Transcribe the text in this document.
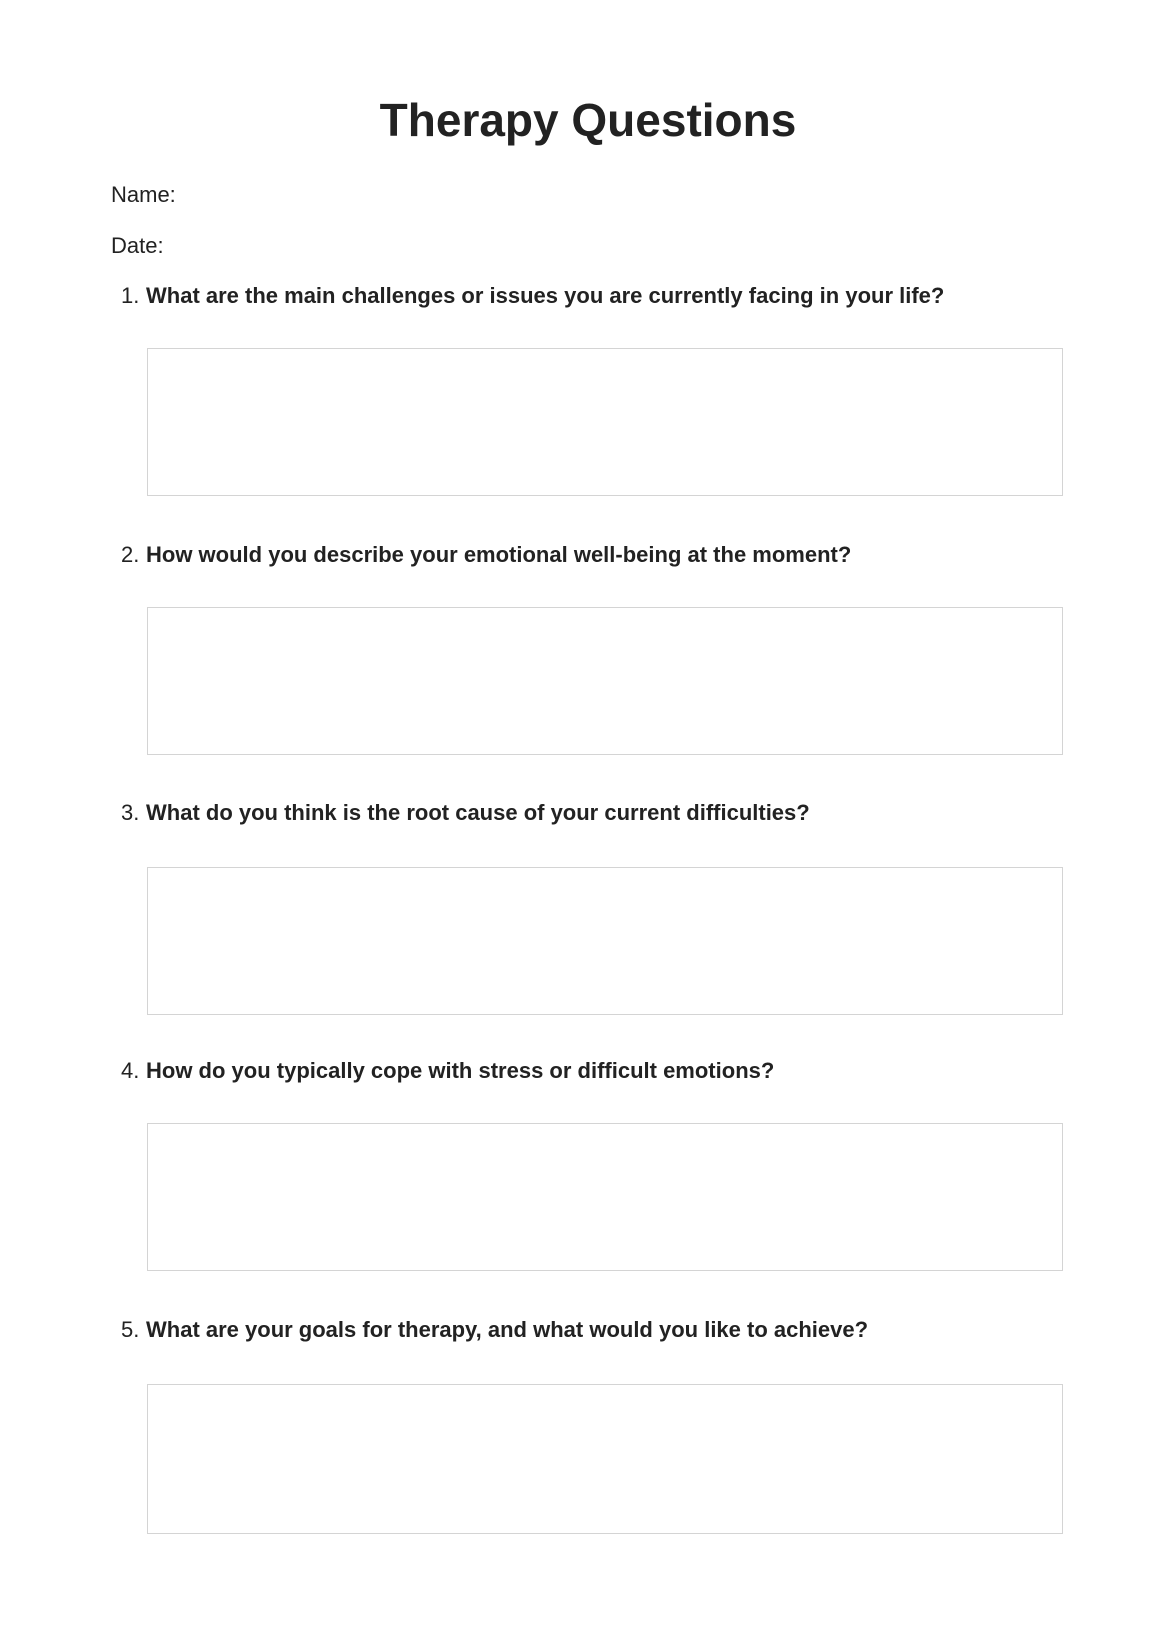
Therapy Questions
Name:
Date:
1. What are the main challenges or issues you are currently facing in your life?
2. How would you describe your emotional well-being at the moment?
3. What do you think is the root cause of your current difficulties?
4. How do you typically cope with stress or difficult emotions?
5. What are your goals for therapy, and what would you like to achieve?
